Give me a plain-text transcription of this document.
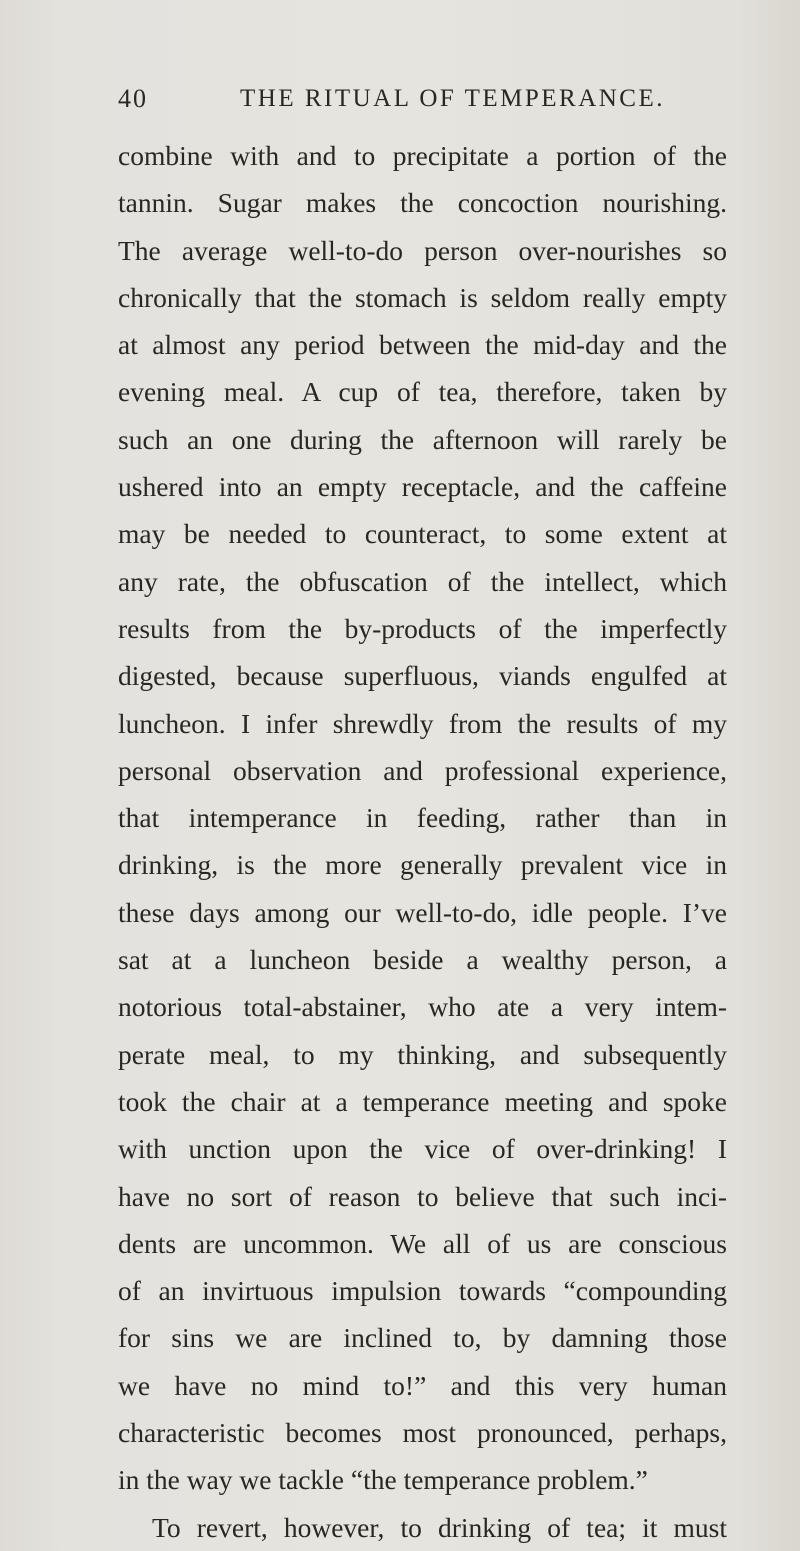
40	THE RITUAL OF TEMPERANCE.
combine with and to precipitate a portion of the
tannin. Sugar makes the concoction nourishing.
The average well-to-do person over-nourishes so
chronically that the stomach is seldom really empty
at almost any period between the mid-day and the
evening meal. A cup of tea, therefore, taken by
such an one during the afternoon will rarely be
ushered into an empty receptacle, and the caffeine
may be needed to counteract, to some extent at
any rate, the obfuscation of the intellect, which
results from the by-products of the imperfectly
digested, because superfluous, viands engulfed at
luncheon. I infer shrewdly from the results of my
personal observation and professional experience,
that intemperance in feeding, rather than in
drinking, is the more generally prevalent vice in
these days among our well-to-do, idle people. I’ve
sat at a luncheon beside a wealthy person, a
notorious total-abstainer, who ate a very intem-
perate meal, to my thinking, and subsequently
took the chair at a temperance meeting and spoke
with unction upon the vice of over-drinking! I
have no sort of reason to believe that such inci-
dents are uncommon. We all of us are conscious
of an invirtuous impulsion towards “compounding
for sins we are inclined to, by damning those
we have no mind to!” and this very human
characteristic becomes most pronounced, perhaps,
in the way we tackle “the temperance problem.”
To revert, however, to drinking of tea; it must
